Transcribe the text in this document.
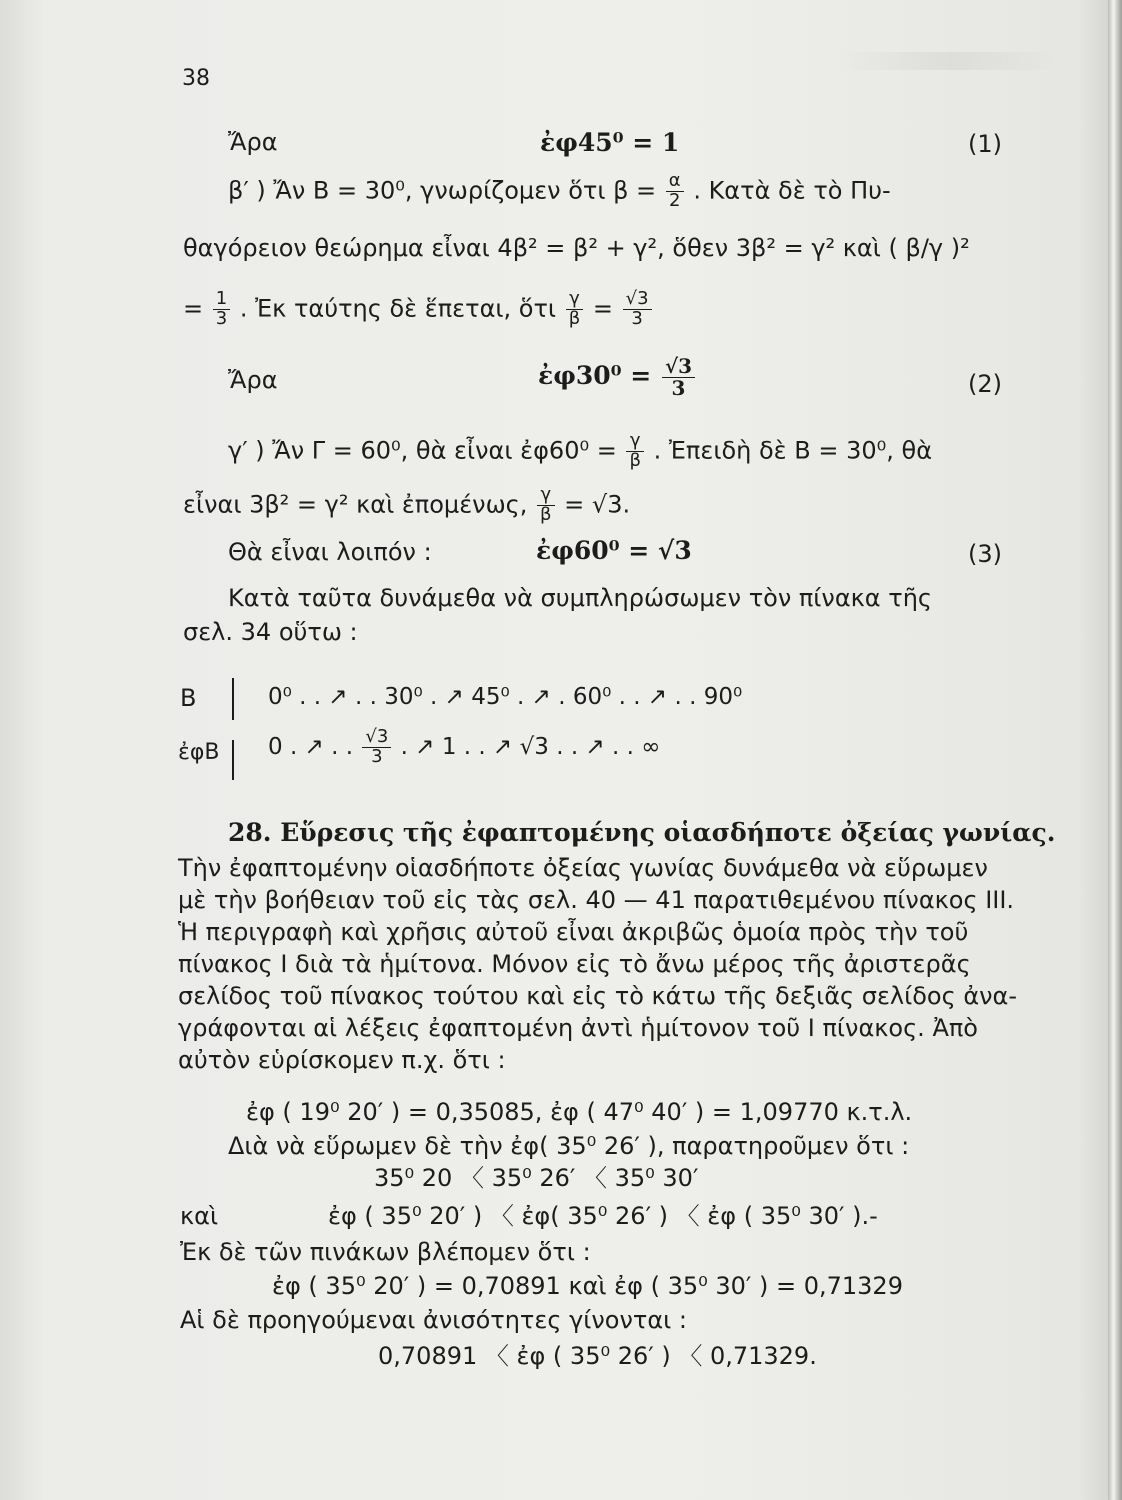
38
Ἄρα	ἐφ45⁰ = 1	(1)
β′ ) Ἄν Β = 30⁰, γνωρίζομεν ὅτι $\beta = \frac{\alpha}{2}$ . Κατὰ δὲ τὸ Πυ-
θαγόρειον θεώρημα εἶναι 4β² = β² + γ², ὅθεν 3β² = γ² καὶ ( β/γ )²
= $\frac{1}{3}$ . Ἐκ ταύτης δὲ ἕπεται, ὅτι $\frac{\gamma}{\beta} = \frac{√3}{3}$
Ἄρα	ἐφ30⁰ = $\frac{√3}{3}$	(2)
γ′ ) Ἄν Γ = 60⁰, θὰ εἶναι ἐφ60⁰ = $\frac{\gamma}{\beta}$ . Ἐπειδὴ δὲ Β = 30⁰, θὰ
εἶναι 3β² = γ² καὶ ἐπομένως, $\frac{\gamma}{\beta} = √3$.
Θὰ εἶναι λοιπόν :	ἐφ60⁰ = √3	(3)
Κατὰ ταῦτα δυνάμεθα νὰ συμπληρώσωμεν τὸν πίνακα τῆς
σελ. 34 οὕτω :
Β	0⁰ . . ↗ . . 30⁰ . ↗ 45⁰ . ↗ . 60⁰ . . ↗ . . 90⁰
ἐφΒ 0 . ↗ . . $\frac{√3}{3}$ . ↗ 1 . . ↗ √3 . . ↗ . . ∞
28. Εὕρεσις τῆς ἐφαπτομένης οἱασδήποτε ὀξείας γωνίας.
Τὴν ἐφαπτομένην οἱασδήποτε ὀξείας γωνίας δυνάμεθα νὰ εὕρωμεν
μὲ τὴν βοήθειαν τοῦ εἰς τὰς σελ. 40 — 41 παρατιθεμένου πίνακος ΙΙΙ.
Ἡ περιγραφὴ καὶ χρῆσις αὐτοῦ εἶναι ἀκριβῶς ὁμοία πρὸς τὴν τοῦ
πίνακος Ι διὰ τὰ ἡμίτονα. Μόνον εἰς τὸ ἄνω μέρος τῆς ἀριστερᾶς
σελίδος τοῦ πίνακος τούτου καὶ εἰς τὸ κάτω τῆς δεξιᾶς σελίδος ἀνα-
γράφονται αἱ λέξεις ἐφαπτομένη ἀντὶ ἡμίτονον τοῦ Ι πίνακος. Ἀπὸ
αὐτὸν εὑρίσκομεν π.χ. ὅτι :
ἐφ ( 19⁰ 20′ ) = 0,35085, ἐφ ( 47⁰ 40′ ) = 1,09770 κ.τ.λ.
Διὰ νὰ εὕρωμεν δὲ τὴν ἐφ( 35⁰ 26′ ), παρατηροῦμεν ὅτι :
35⁰ 20 〈 35⁰ 26′ 〈 35⁰ 30′
καὶ	ἐφ ( 35⁰ 20′ ) 〈 ἐφ( 35⁰ 26′ ) 〈 ἐφ ( 35⁰ 30′ ).-
Ἐκ δὲ τῶν πινάκων βλέπομεν ὅτι :
ἐφ ( 35⁰ 20′ ) = 0,70891 καὶ ἐφ ( 35⁰ 30′ ) = 0,71329
Αἱ δὲ προηγούμεναι ἀνισότητες γίνονται :
0,70891 〈 ἐφ ( 35⁰ 26′ ) 〈 0,71329.
